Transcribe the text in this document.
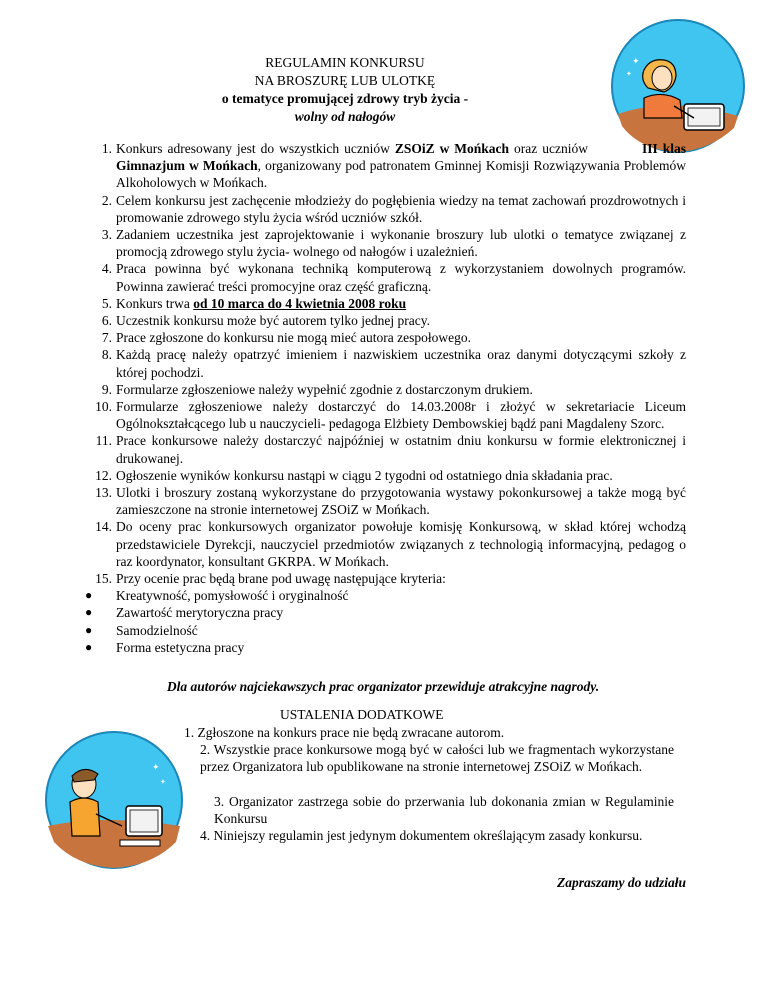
✦
✦
REGULAMIN KONKURSU
NA BROSZURĘ LUB ULOTKĘ
o tematyce promującej zdrowy tryb życia -
wolny od nałogów
1. Konkurs adresowany jest do wszystkich uczniów ZSOiZ w Mońkach oraz uczniów	III klas Gimnazjum w Mońkach, organizowany pod patronatem Gminnej Komisji Rozwiązywania Problemów Alkoholowych w Mońkach.
2. Celem konkursu jest zachęcenie młodzieży do pogłębienia wiedzy na temat zachowań prozdrowotnych i promowanie zdrowego stylu życia wśród uczniów szkół.
3. Zadaniem uczestnika jest zaprojektowanie i wykonanie broszury lub ulotki o tematyce związanej z promocją zdrowego stylu życia- wolnego od nałogów i uzależnień.
4. Praca powinna być wykonana techniką komputerową z wykorzystaniem dowolnych programów. Powinna zawierać treści promocyjne oraz część graficzną.
5. Konkurs trwa od 10 marca do 4 kwietnia 2008 roku
6. Uczestnik konkursu może być autorem tylko jednej pracy.
7. Prace zgłoszone do konkursu nie mogą mieć autora zespołowego.
8. Każdą pracę należy opatrzyć imieniem i nazwiskiem uczestnika oraz danymi dotyczącymi szkoły z której pochodzi.
9. Formularze zgłoszeniowe należy wypełnić zgodnie z dostarczonym drukiem.
10. Formularze zgłoszeniowe należy dostarczyć do 14.03.2008r i złożyć w sekretariacie Liceum Ogólnokształcącego lub u nauczycieli- pedagoga Elżbiety Dembowskiej bądź pani Magdaleny Szorc.
11. Prace konkursowe należy dostarczyć najpóźniej w ostatnim dniu konkursu w formie elektronicznej i drukowanej.
12. Ogłoszenie wyników konkursu nastąpi w ciągu 2 tygodni od ostatniego dnia składania prac.
13. Ulotki i broszury zostaną wykorzystane do przygotowania wystawy pokonkursowej a także mogą być zamieszczone na stronie internetowej ZSOiZ w Mońkach.
14. Do oceny prac konkursowych organizator powołuje komisję Konkursową, w skład której wchodzą przedstawiciele Dyrekcji, nauczyciel przedmiotów związanych z technologią informacyjną, pedagog o raz koordynator, konsultant GKRPA. W Mońkach.
15. Przy ocenie prac będą brane pod uwagę następujące kryteria:
● Kreatywność, pomysłowość i oryginalność
● Zawartość merytoryczna pracy
● Samodzielność
● Forma estetyczna pracy
Dla autorów najciekawszych prac organizator przewiduje atrakcyjne nagrody.
✦
✦
USTALENIA DODATKOWE
1. Zgłoszone na konkurs prace nie będą zwracane autorom.
2. Wszystkie prace konkursowe mogą być w całości lub we fragmentach wykorzystane przez Organizatora lub opublikowane na stronie internetowej ZSOiZ w Mońkach.
3. Organizator zastrzega sobie do przerwania lub dokonania zmian w Regulaminie Konkursu
4. Niniejszy regulamin jest jedynym dokumentem określającym zasady konkursu.
Zapraszamy do udziału
